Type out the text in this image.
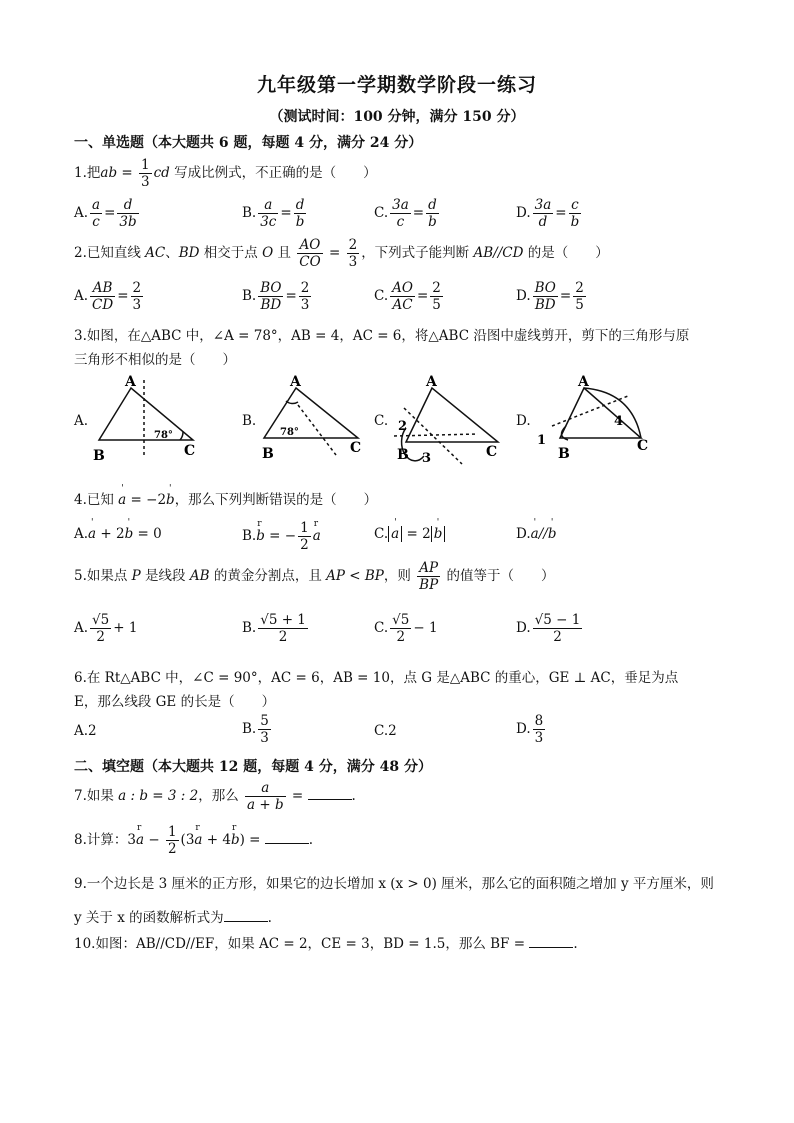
九年级第一学期数学阶段一练习
（测试时间：100 分钟，满分 150 分）
一、单选题（本大题共 6 题，每题 4 分，满分 24 分）
1.把ab = $\frac{1}{3}$ cd 写成比例式，不正确的是（　　）
A. $\frac{a}{c} = \frac{d}{3b}$	B. $\frac{a}{3c} = \frac{d}{b}$	C. $\frac{3a}{c} = \frac{d}{b}$	D. $\frac{3a}{d} = \frac{c}{b}$
2.已知直线 AC、BD 相交于点 O 且 $\frac{AO}{CO} = \frac{2}{3}$ ，下列式子能判断 AB//CD 的是（　　）
A. $\frac{AB}{CD} = \frac{2}{3}$	B. $\frac{BO}{BD} = \frac{2}{3}$	C. $\frac{AO}{AC} = \frac{2}{5}$	D. $\frac{BO}{BD} = \frac{2}{5}$
3.如图，在△ABC 中，∠A = 78°，AB = 4，AC = 6，将△ABC 沿图中虚线剪开，剪下的三角形与原
三角形不相似的是（　　）
A.	B.	C.	D.
A
B	C
78°
A
B	C
78°
A
B	C
2
3
A
B	C
1
4
4.已知 ' a = −2' b，那么下列判断错误的是（　　）
A.' a + 2' b = 0	B.r b = − $\frac{1}{2}$ r a	C. ' a = 2 ' b	D.' a//' b
5.如果点 P 是线段 AB 的黄金分割点，且 AP < BP，则 $\frac{AP}{BP}$ 的值等于（　　）
A. $\frac{√5}{2} + 1$	B. $\frac{√5 + 1}{2}$	C. $\frac{√5}{2} - 1$	D. $\frac{√5 - 1}{2}$
6.在 Rt△ABC 中，∠C = 90°，AC = 6，AB = 10，点 G 是△ABC 的重心，GE ⊥ AC，垂足为点
E，那么线段 GE 的长是（　　）
A.2	B. $\frac{5}{3}$	C.2	D. $\frac{8}{3}$
二、填空题（本大题共 12 题，每题 4 分，满分 48 分）
7.如果 a : b = 3 : 2，那么 $\frac{a}{a + b}$ =	.
8.计算：3r $a - \frac{1}{2} (3r$ a + 4r b) =	.
9.一个边长是 3 厘米的正方形，如果它的边长增加 x (x > 0) 厘米，那么它的面积随之增加 y 平方厘米，则
y 关于 x 的函数解析式为	.
10.如图：AB//CD//EF，如果 AC = 2，CE = 3，BD = 1.5，那么 BF =	.
